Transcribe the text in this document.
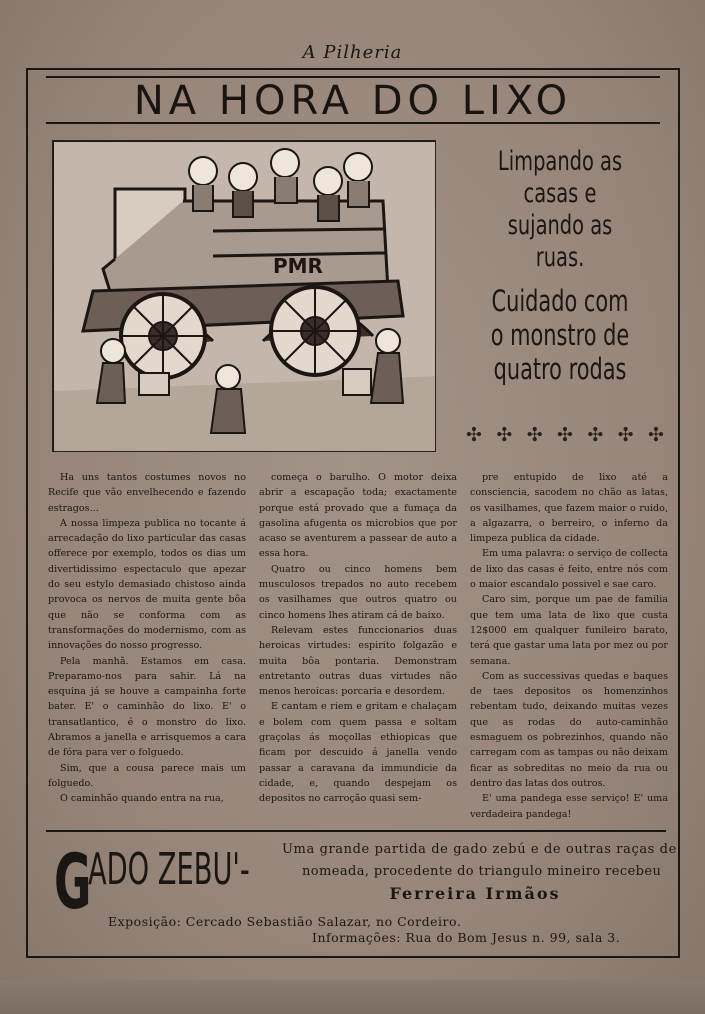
A Pilheria
NA HORA DO LIXO
PMR
Limpando as casas e sujando as ruas.
Cuidado com o monstro de quatro rodas
✣ ✣ ✣ ✣ ✣ ✣ ✣

Ha uns tantos costumes novos no Recife que vão envelhecendo e fazendo estragos...

A nossa limpeza publica no tocante á arrecadação do lixo particular das casas offerece por exemplo, todos os dias um divertidissimo espectaculo que apezar do seu estylo demasiado chistoso ainda provoca os nervos de muita gente bôa que não se conforma com as transformações do modernismo, com as innovações do nosso progresso.

Pela manhã. Estamos em casa. Preparamo-nos para sahir. Lá na esquina já se houve a campainha forte bater. E' o caminhão do lixo. E' o transatlantico, é o monstro do lixo. Abramos a janella e arrisquemos a cara de fóra para ver o folguedo.

Sim, que a cousa parece mais um folguedo.

O caminhão quando entra na rua,

começa o barulho. O motor deixa abrir a escapação toda; exactamente porque está provado que a fumaça da gasolina afugenta os microbios que por acaso se aventurem a passear de auto a essa hora.

Quatro ou cinco homens bem musculosos trepados no auto recebem os vasilhames que outros quatro ou cinco homens lhes atiram cá de baixo.

Relevam estes funccionarios duas heroicas virtudes: espirito folgazão e muita bôa pontaria. Demonstram entretanto outras duas virtudes não menos heroicas: porcaria e desordem.

E cantam e riem e gritam e chalaçam e bolem com quem passa e soltam graçolas ás moçollas ethiopicas que ficam por descuido á janella vendo passar a caravana da immundicie da cidade, e, quando despejam os depositos no carroção quasi sem-

pre entupido de lixo até a consciencia, sacodem no chão as latas, os vasilhames, que fazem maior o ruido, a algazarra, o berreiro, o inferno da limpeza publica da cidade.

Em uma palavra: o serviço de collecta de lixo das casas é feito, entre nós com o maior escandalo possivel e sae caro.

Caro sim, porque um pae de familia que tem uma lata de lixo que custa 12$000 em qualquer funileiro barato, terá que gastar uma lata por mez ou por semana.

Com as successivas quedas e baques de taes depositos os homenzinhos rebentam tudo, deixando muitas vezes que as rodas do auto-caminhão esmaguem os pobrezinhos, quando não carregam com as tampas ou não deixam ficar as sobreditas no meio da rua ou dentro das latas dos outros.

E' uma pandega esse serviço! E' uma verdadeira pandega!

G
ADO ZEBU'- Uma grande partida de gado zebú e de outras raças de
nomeada, procedente do triangulo mineiro recebeu
Ferreira Irmãos
Exposição: Cercado Sebastião Salazar, no Cordeiro.
Informações: Rua do Bom Jesus n. 99, sala 3.
